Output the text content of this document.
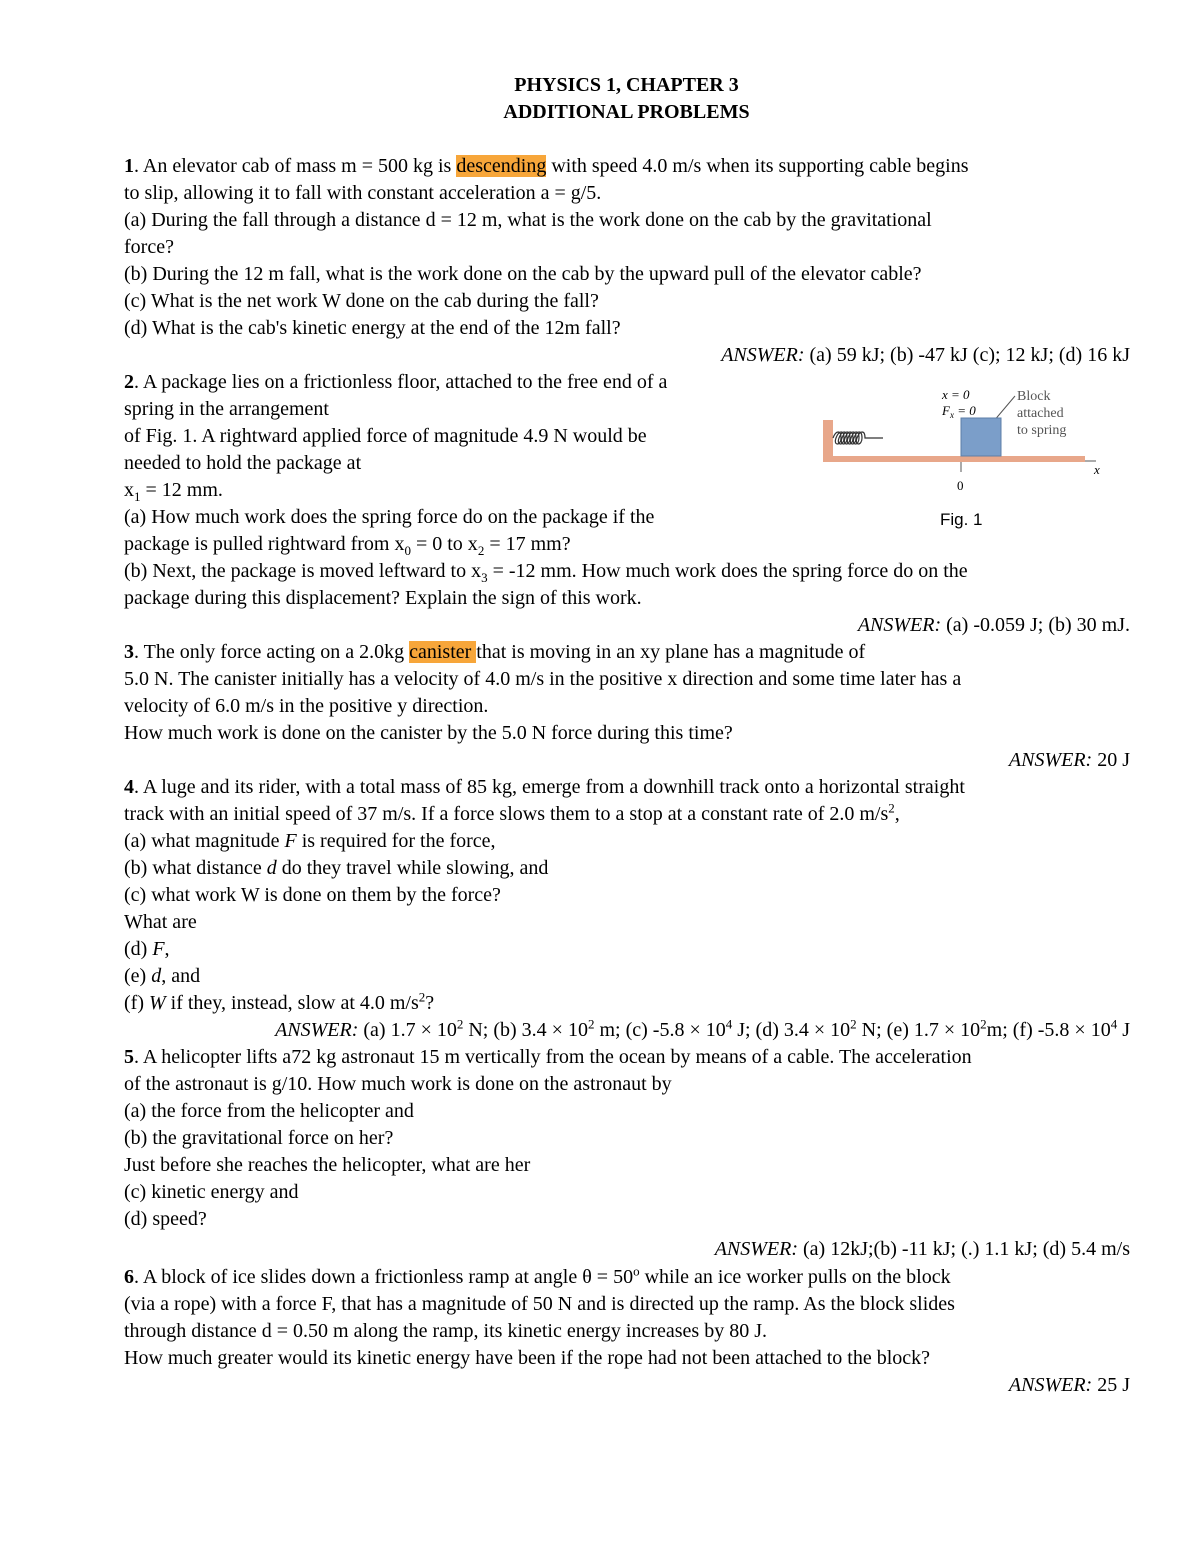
PHYSICS 1, CHAPTER 3
ADDITIONAL PROBLEMS
1. An elevator cab of mass m = 500 kg is descending with speed 4.0 m/s when its supporting cable begins
to slip, allowing it to fall with constant acceleration a = g/5.
(a) During the fall through a distance d = 12 m, what is the work done on the cab by the gravitational
force?
(b) During the 12 m fall, what is the work done on the cab by the upward pull of the elevator cable?
(c) What is the net work W done on the cab during the fall?
(d) What is the cab's kinetic energy at the end of the 12m fall?
ANSWER: (a) 59 kJ; (b) -47 kJ (c); 12 kJ; (d) 16 kJ
2. A package lies on a frictionless floor, attached to the free end of a
spring in the arrangement
of Fig. 1. A rightward applied force of magnitude 4.9 N would be
needed to hold the package at
$x_1 = 12$ mm.
(a) How much work does the spring force do on the package if the
package is pulled rightward from $x_0 = 0$ to $x_2 = 17$ mm?
(b) Next, the package is moved leftward to $x_3 = -12$ mm. How much work does the spring force do on the
package during this displacement? Explain the sign of this work.
ANSWER: (a) -0.059 J; (b) 30 mJ.
x = 0
$F_x = 0$
Block
attached
to spring
x
0
Fig. 1
3. The only force acting on a 2.0kg canister that is moving in an xy plane has a magnitude of
5.0 N. The canister initially has a velocity of 4.0 m/s in the positive x direction and some time later has a
velocity of 6.0 m/s in the positive y direction.
How much work is done on the canister by the 5.0 N force during this time?
ANSWER: 20 J
4. A luge and its rider, with a total mass of 85 kg, emerge from a downhill track onto a horizontal straight
track with an initial speed of 37 m/s. If a force slows them to a stop at a constant rate of 2.0 $m/s^2$,
(a) what magnitude F is required for the force,
(b) what distance d do they travel while slowing, and
(c) what work W is done on them by the force?
What are
(d) F,
(e) d, and
(f) W if they, instead, slow at 4.0 $m/s^2$?
ANSWER: (a) $1.7 \times 10^2$ N; (b) $3.4 \times 10^2$ m; (c) $-5.8 \times 10^4$ J; (d) $3.4 \times 10^2$ N; (e) $1.7 \times 10^2m$; (f) $-5.8 \times 10^4$ J
5. A helicopter lifts a72 kg astronaut 15 m vertically from the ocean by means of a cable. The acceleration
of the astronaut is g/10. How much work is done on the astronaut by
(a) the force from the helicopter and
(b) the gravitational force on her?
Just before she reaches the helicopter, what are her
(c) kinetic energy and
(d) speed?
ANSWER: (a) 12kJ;(b) -11 kJ; (.) 1.1 kJ; (d) 5.4 m/s
6. A block of ice slides down a frictionless ramp at angle $\theta = 50^o$ while an ice worker pulls on the block
(via a rope) with a force F, that has a magnitude of 50 N and is directed up the ramp. As the block slides
through distance d = 0.50 m along the ramp, its kinetic energy increases by 80 J.
How much greater would its kinetic energy have been if the rope had not been attached to the block?
ANSWER: 25 J
